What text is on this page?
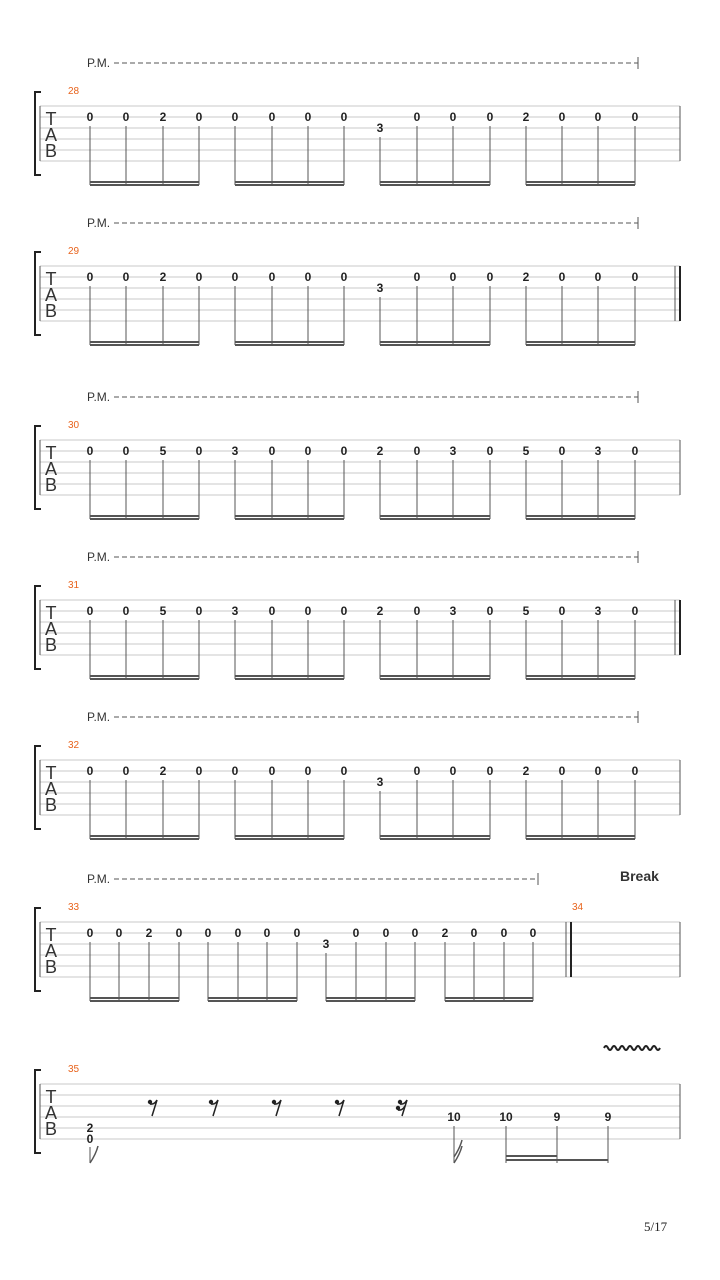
T
A
B
28
P.M.
0 0	2 0 0	0 0 0
3
0 0	0 2 0 0	0
T
A
B
29
P.M.
0 0	2 0 0	0 0 0
3
0 0	0 2 0 0	0
T
A
B
30
P.M.
0 0	5 0 3	0 0 0 2	0 3	0 5 0 3	0
T
A
B
31
P.M.
0 0	5 0 3	0 0 0 2	0 3	0 5 0 3	0
T
A
B
32
P.M.
0 0	2 0 0	0 0 0
3
0 0	0 2 0 0	0
T
A
B
33
P.M.
0 0 2 0 0 0 0 0
3
0 0 0 2 0 0 0
34
Break
T
A
B
35
2
0
10	10	9	9
5/17
